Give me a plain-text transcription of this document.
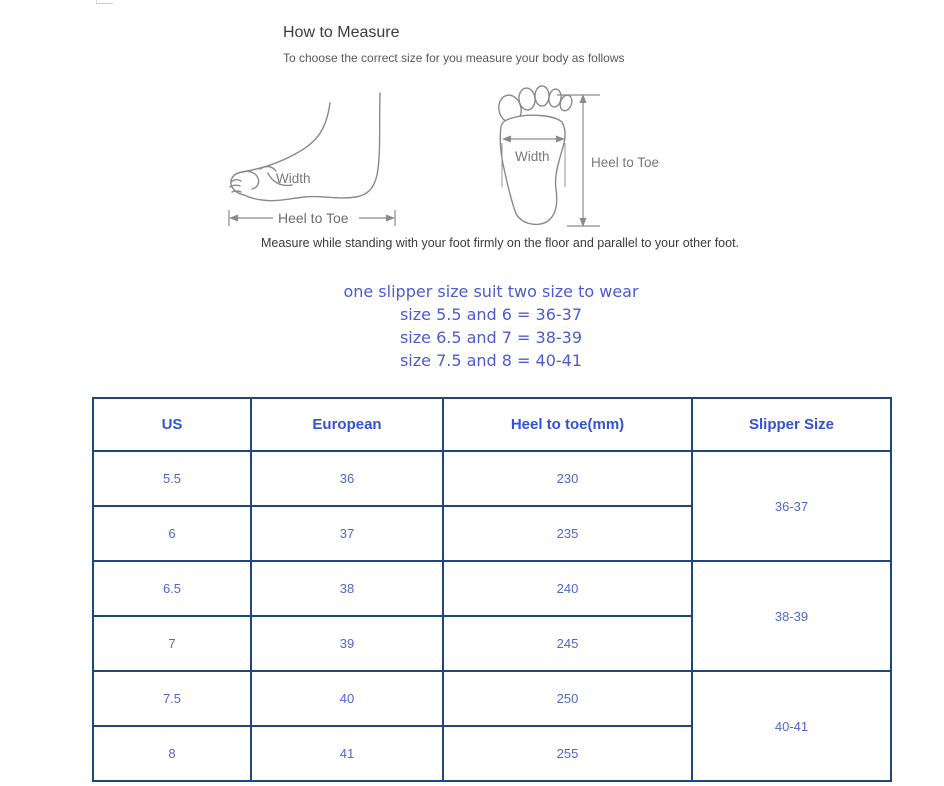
How to Measure
To choose the correct size for you measure your body as follows
Width
Heel to Toe
Width	Heel to Toe
Measure while standing with your foot firmly on the floor and parallel to your other foot.
one slipper size suit two size to wear
size 5.5 and 6 = 36-37
size 6.5 and 7 = 38-39
size 7.5 and 8 = 40-41
US	European	Heel to toe(mm)	Slipper Size
5.5	36	230	36-37
6	37	235	
6.5	38	240	38-39
7	39	245	
7.5	40	250	40-41
8	41	255	
